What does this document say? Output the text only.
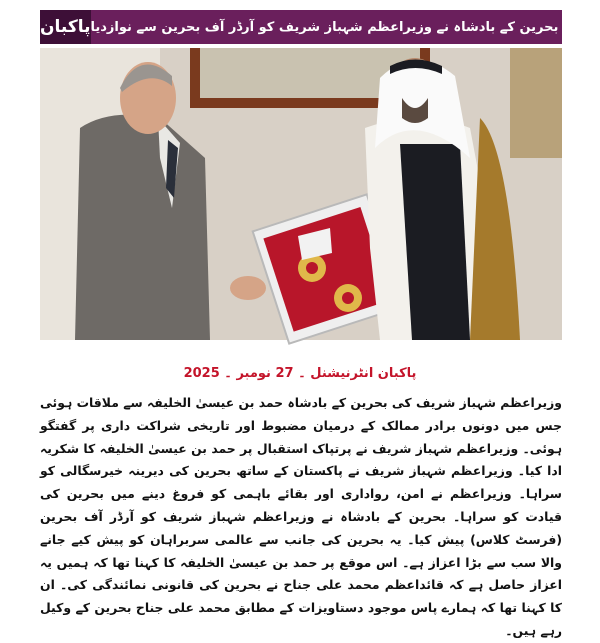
پاکبان بحرین کے بادشاہ نے وزیراعظم شہباز شریف کو آرڈر آف بحرین سے نوازدیا
پاکبان انٹرنیشنل ۔ 27 نومبر ۔ 2025
وزیراعظم شہباز شریف کی بحرین کے بادشاہ حمد بن عیسیٰ الخلیفہ سے ملاقات ہوئی جس میں دونوں برادر ممالک کے درمیان مضبوط اور تاریخی شراکت داری پر گفتگو ہوئی۔ وزیراعظم شہباز شریف نے پرتپاک استقبال پر حمد بن عیسیٰ الخلیفہ کا شکریہ ادا کیا۔ وزیراعظم شہباز شریف نے پاکستان کے ساتھ بحرین کی دیرینہ خیرسگالی کو سراہا۔ وزیراعظم نے امن، رواداری اور بقائے باہمی کو فروغ دینے میں بحرین کی قیادت کو سراہا۔ بحرین کے بادشاہ نے وزیراعظم شہباز شریف کو آرڈر آف بحرین (فرسٹ کلاس) پیش کیا۔ یہ بحرین کی جانب سے عالمی سربراہان کو پیش کیے جانے والا سب سے بڑا اعزاز ہے۔ اس موقع پر حمد بن عیسیٰ الخلیفہ کا کہنا تھا کہ ہمیں یہ اعزاز حاصل ہے کہ قائداعظم محمد علی جناح نے بحرین کی قانونی نمائندگی کی۔ ان کا کہنا تھا کہ ہمارے پاس موجود دستاویزات کے مطابق محمد علی جناح بحرین کے وکیل رہے ہیں۔
